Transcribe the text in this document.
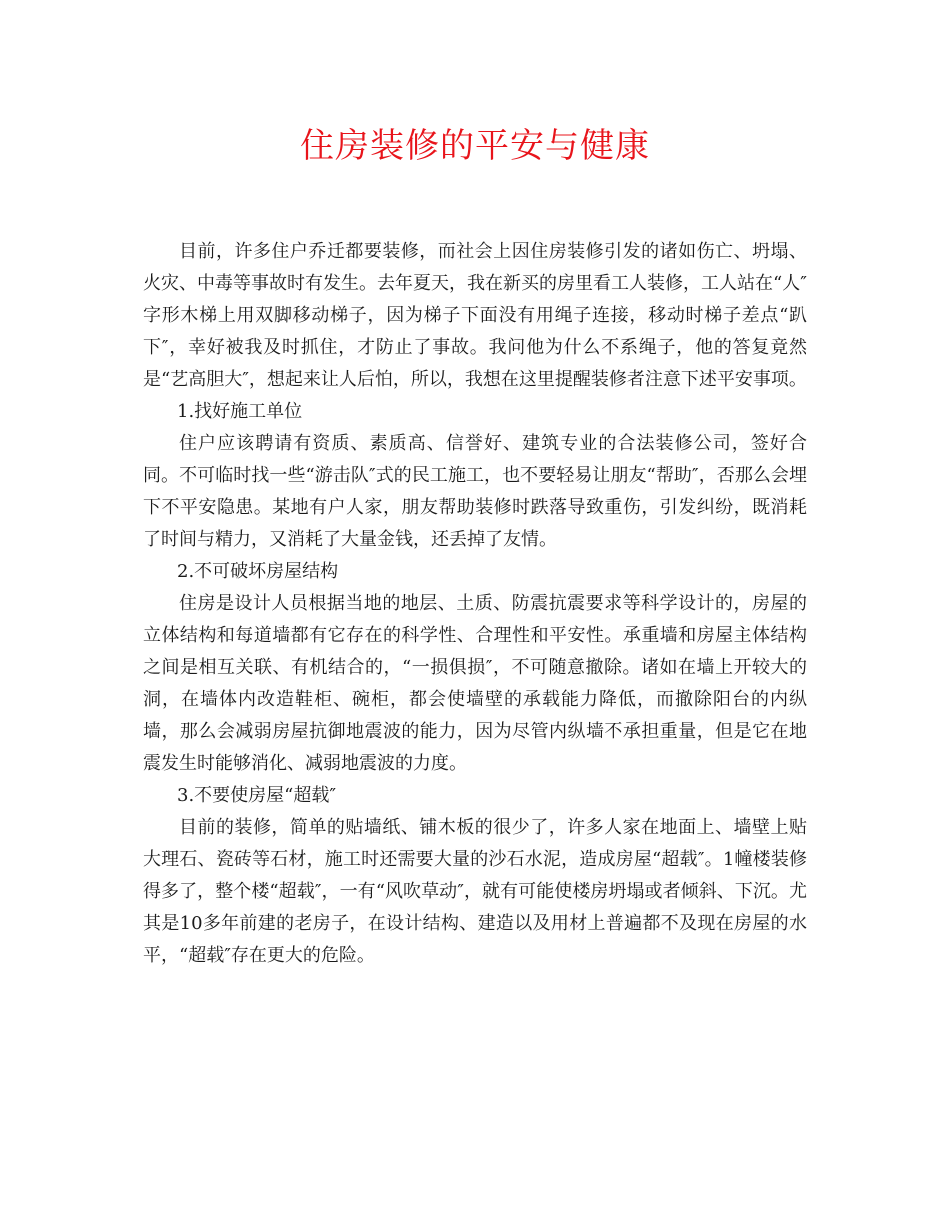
住房装修的平安与健康

目前，许多住户乔迁都要装修，而社会上因住房装修引发的诸如伤亡、坍塌、火灾、中毒等事故时有发生。去年夏天，我在新买的房里看工人装修，工人站在“人″字形木梯上用双脚移动梯子，因为梯子下面没有用绳子连接，移动时梯子差点“趴下″，幸好被我及时抓住，才防止了事故。我问他为什么不系绳子，他的答复竟然是“艺高胆大″，想起来让人后怕，所以，我想在这里提醒装修者注意下述平安事项。

1.找好施工单位

住户应该聘请有资质、素质高、信誉好、建筑专业的合法装修公司，签好合同。不可临时找一些“游击队″式的民工施工，也不要轻易让朋友“帮助″，否那么会埋下不平安隐患。某地有户人家，朋友帮助装修时跌落导致重伤，引发纠纷，既消耗了时间与精力，又消耗了大量金钱，还丢掉了友情。

2.不可破坏房屋结构

住房是设计人员根据当地的地层、土质、防震抗震要求等科学设计的，房屋的立体结构和每道墙都有它存在的科学性、合理性和平安性。承重墙和房屋主体结构之间是相互关联、有机结合的，“一损俱损″，不可随意撤除。诸如在墙上开较大的洞，在墙体内改造鞋柜、碗柜，都会使墙壁的承载能力降低，而撤除阳台的内纵墙，那么会减弱房屋抗御地震波的能力，因为尽管内纵墙不承担重量，但是它在地震发生时能够消化、减弱地震波的力度。

3.不要使房屋“超载″

目前的装修，简单的贴墙纸、铺木板的很少了，许多人家在地面上、墙壁上贴大理石、瓷砖等石材，施工时还需要大量的沙石水泥，造成房屋“超载″。1幢楼装修得多了，整个楼“超载″，一有“风吹草动″，就有可能使楼房坍塌或者倾斜、下沉。尤其是10多年前建的老房子，在设计结构、建造以及用材上普遍都不及现在房屋的水平，“超载″存在更大的危险。
